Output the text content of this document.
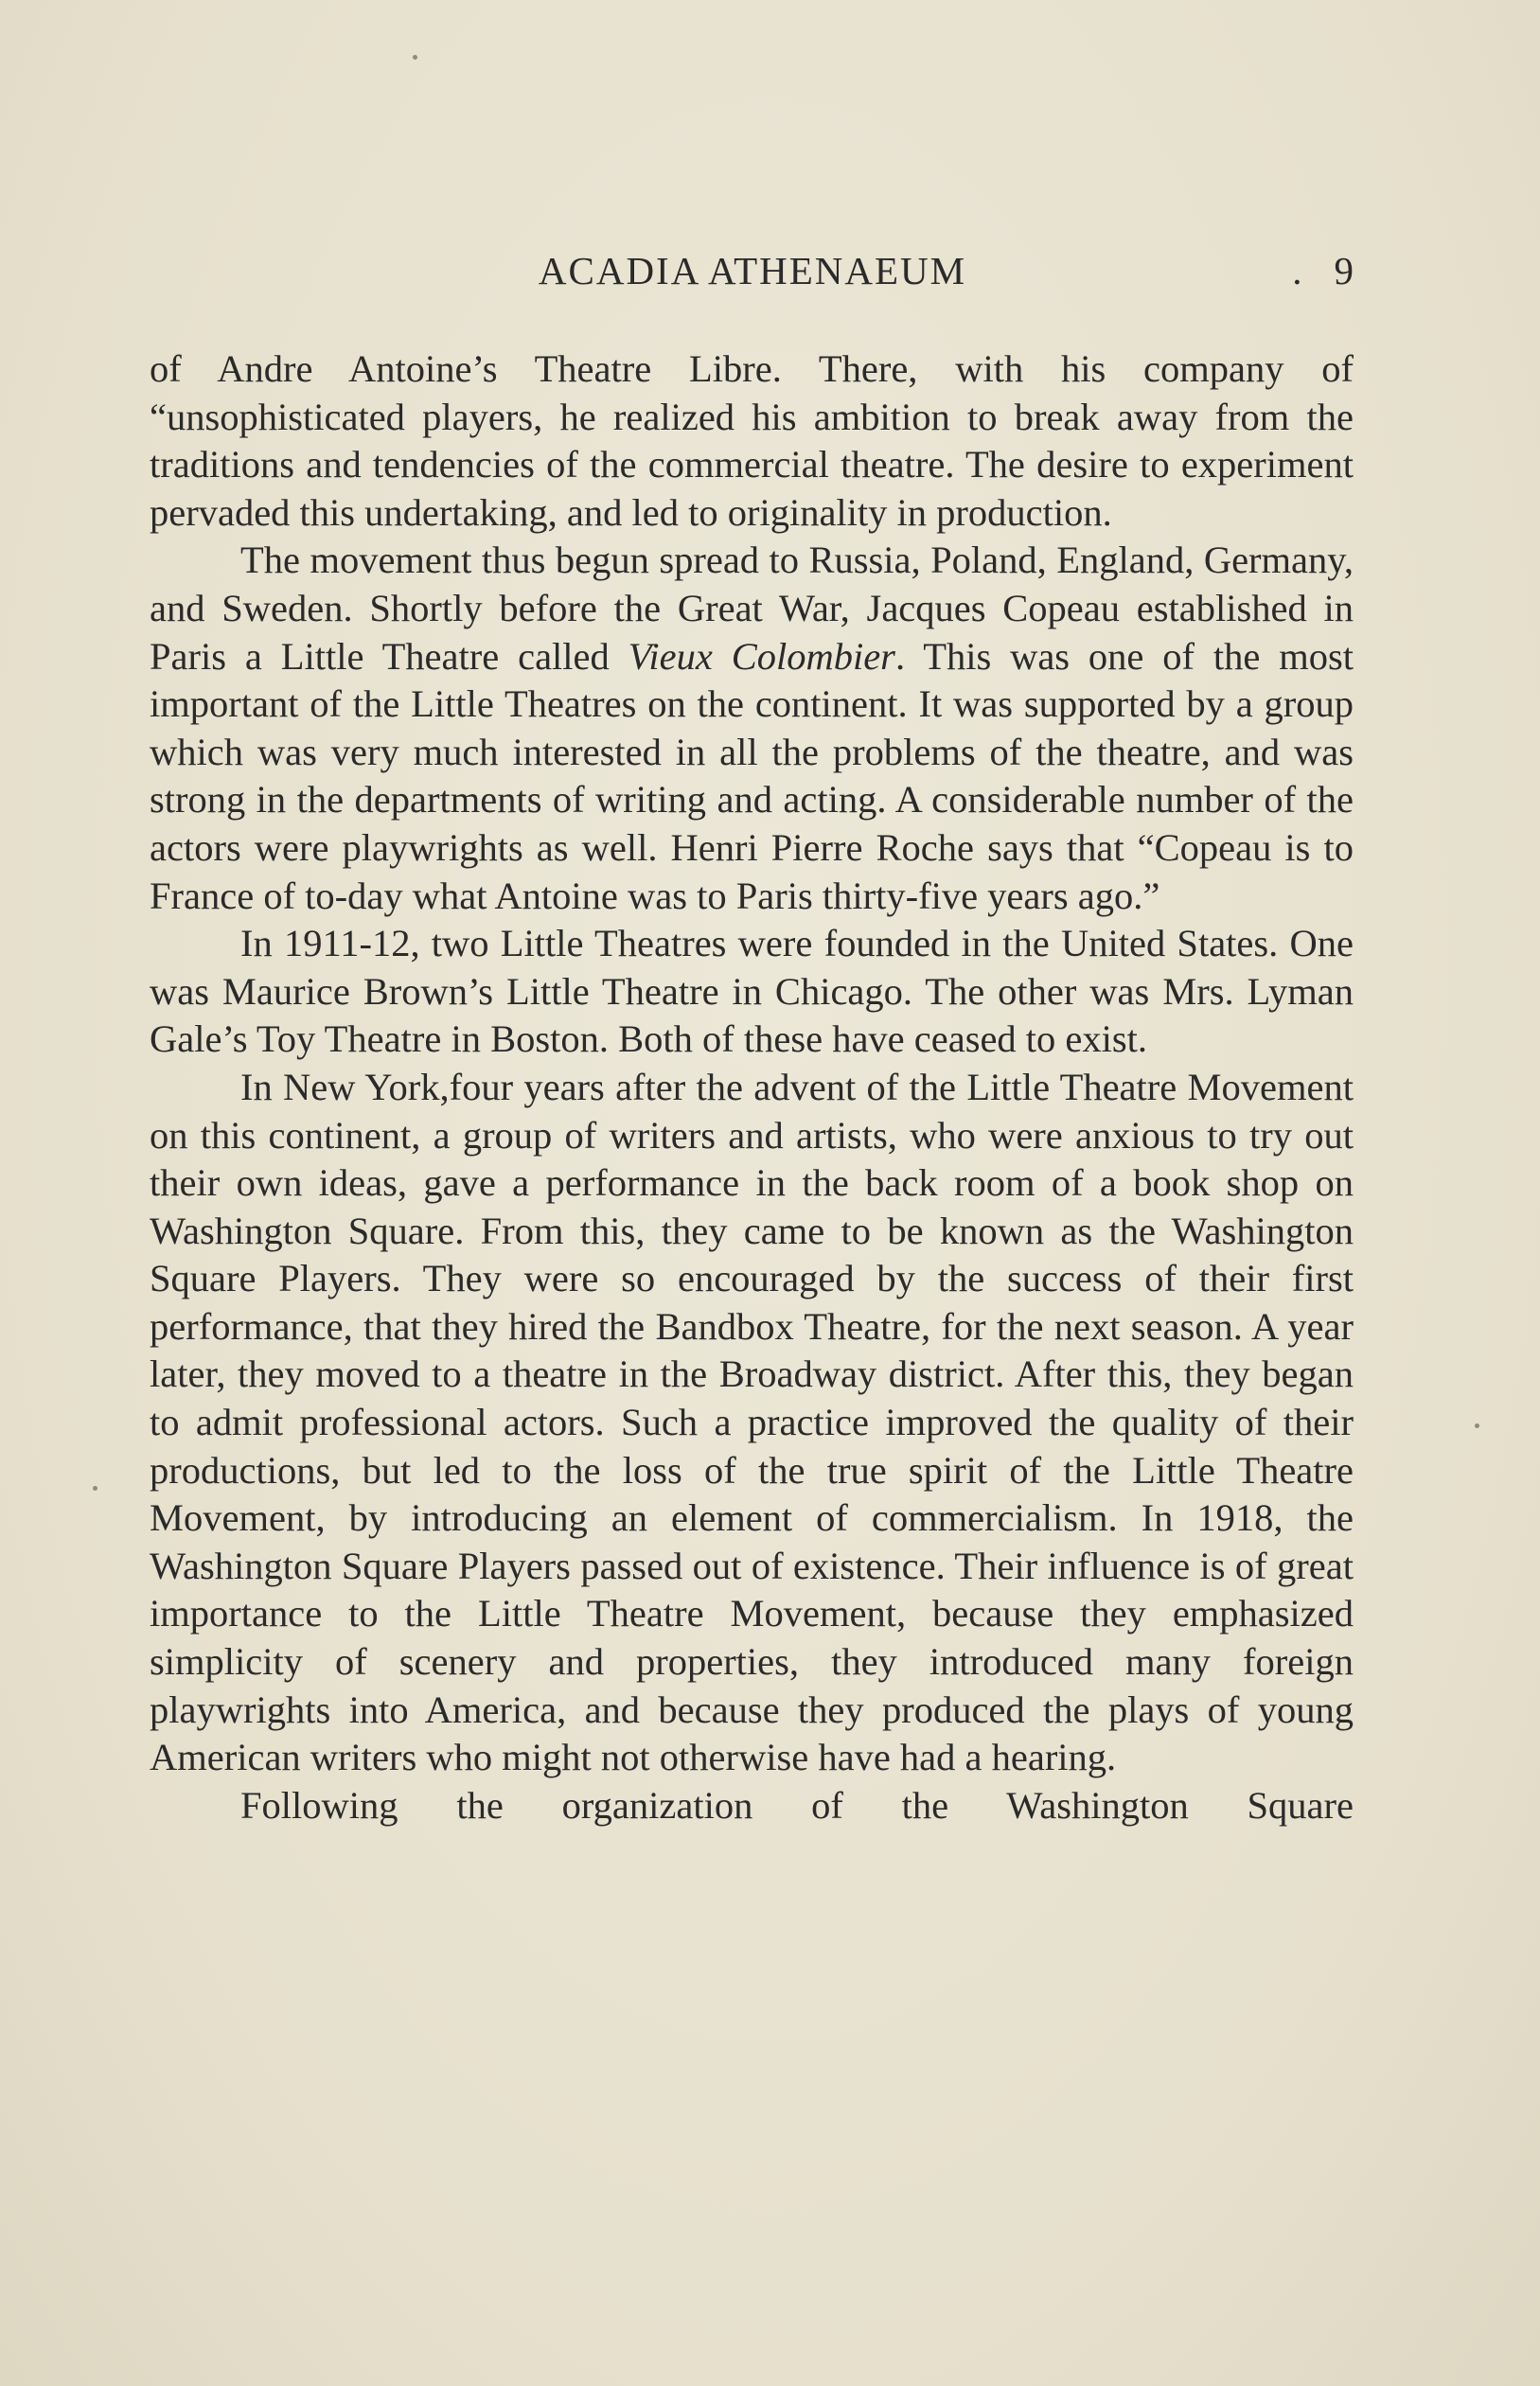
ACADIA ATHENAEUM	. 9

of Andre Antoine’s Theatre Libre. There, with his company of “unsophisticated players, he realized his ambition to break away from the traditions and tendencies of the commercial theatre. The desire to experiment pervaded this undertaking, and led to originality in production.

The movement thus begun spread to Russia, Poland, England, Germany, and Sweden. Shortly before the Great War, Jacques Copeau established in Paris a Little Theatre called Vieux Colombier. This was one of the most important of the Little Theatres on the continent. It was supported by a group which was very much interested in all the problems of the theatre, and was strong in the departments of writing and acting. A considerable number of the actors were playwrights as well. Henri Pierre Roche says that “Copeau is to France of to-day what Antoine was to Paris thirty-five years ago.”

In 1911-12, two Little Theatres were founded in the United States. One was Maurice Brown’s Little Theatre in Chicago. The other was Mrs. Lyman Gale’s Toy Theatre in Boston. Both of these have ceased to exist.

In New York,four years after the advent of the Little Theatre Movement on this continent, a group of writers and artists, who were anxious to try out their own ideas, gave a performance in the back room of a book shop on Washington Square. From this, they came to be known as the Washington Square Players. They were so encouraged by the success of their first performance, that they hired the Bandbox Theatre, for the next season. A year later, they moved to a theatre in the Broadway district. After this, they began to admit professional actors. Such a practice improved the quality of their productions, but led to the loss of the true spirit of the Little Theatre Movement, by introducing an element of commercialism. In 1918, the Washington Square Players passed out of existence. Their influence is of great importance to the Little Theatre Movement, because they emphasized simplicity of scenery and properties, they introduced many foreign playwrights into America, and because they produced the plays of young American writers who might not otherwise have had a hearing.

Following the organization of the Washington Square
